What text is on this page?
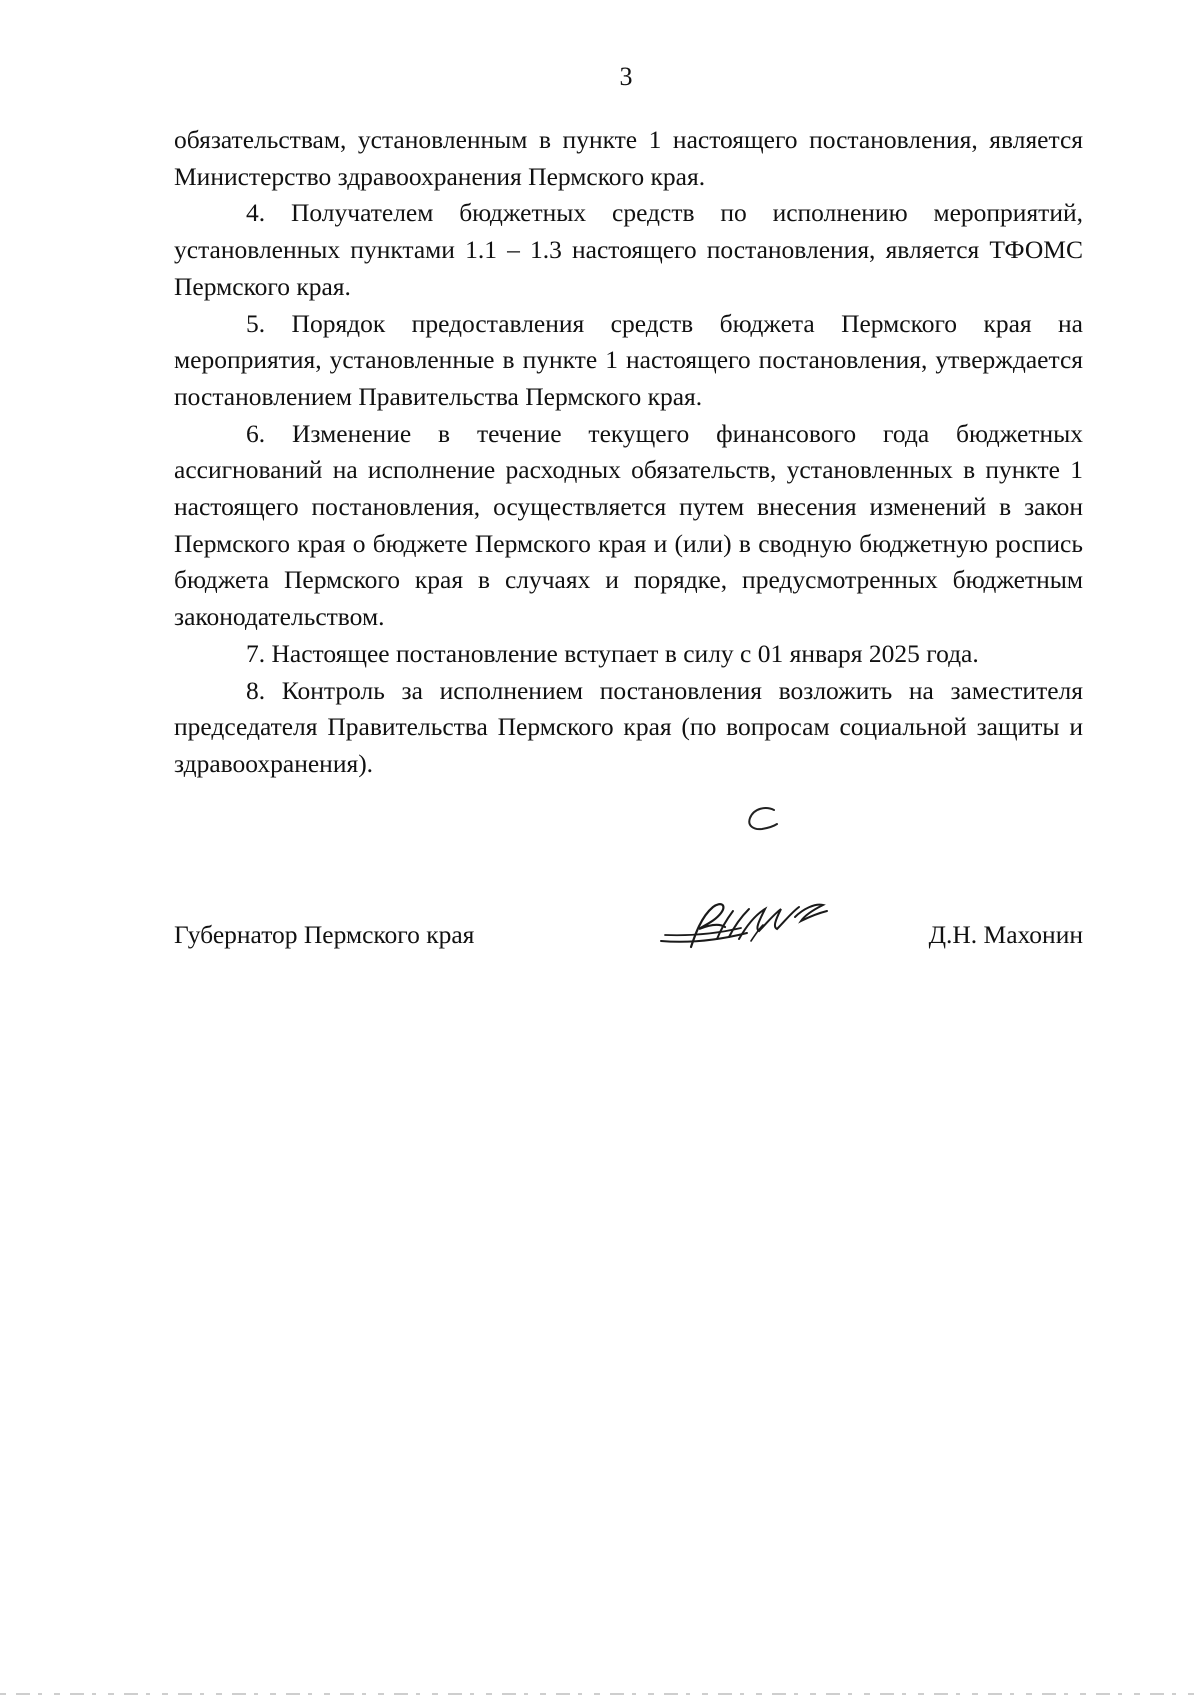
3

обязательствам, установленным в пункте 1 настоящего постановления, является Министерство здравоохранения Пермского края.

4. Получателем бюджетных средств по исполнению мероприятий, установленных пунктами 1.1 – 1.3 настоящего постановления, является ТФОМС Пермского края.

5. Порядок предоставления средств бюджета Пермского края на мероприятия, установленные в пункте 1 настоящего постановления, утверждается постановлением Правительства Пермского края.

6. Изменение в течение текущего финансового года бюджетных ассигнований на исполнение расходных обязательств, установленных в пункте 1 настоящего постановления, осуществляется путем внесения изменений в закон Пермского края о бюджете Пермского края и (или) в сводную бюджетную роспись бюджета Пермского края в случаях и порядке, предусмотренных бюджетным законодательством.

7. Настоящее постановление вступает в силу с 01 января 2025 года.

8. Контроль за исполнением постановления возложить на заместителя председателя Правительства Пермского края (по вопросам социальной защиты и здравоохранения).

Губернатор Пермского края	Д.Н. Махонин
